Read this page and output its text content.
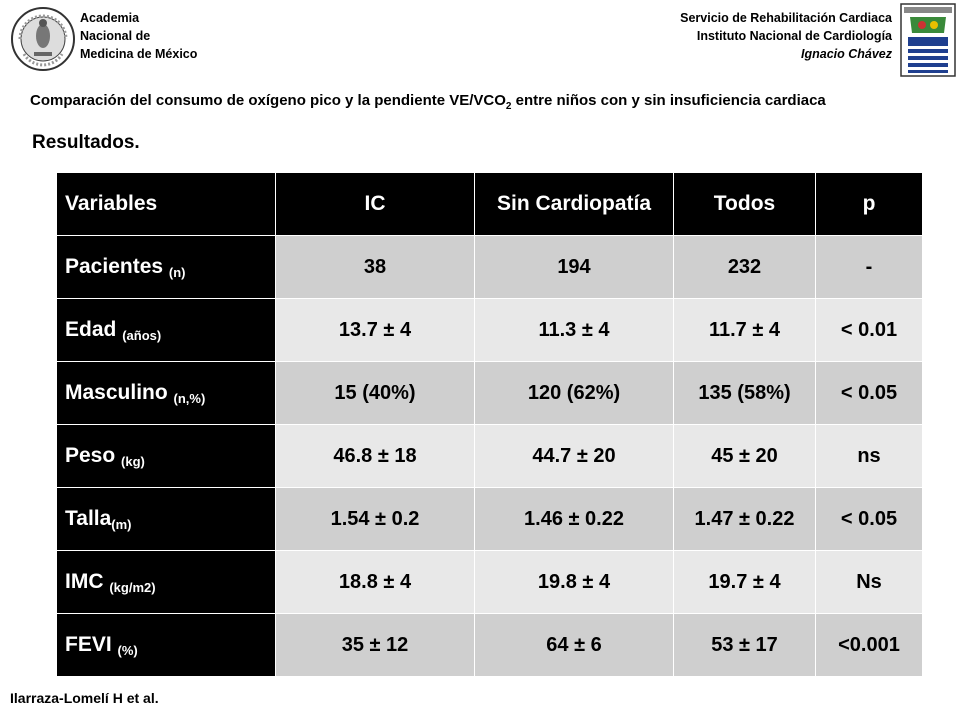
Academia
Nacional de
Medicina de México
Servicio de Rehabilitación Cardiaca
Instituto Nacional de Cardiología
Ignacio Chávez
Comparación del consumo de oxígeno pico y la pendiente $VE/VCO_2$ entre niños con y sin insuficiencia cardiaca
Resultados.
Variables	IC	Sin Cardiopatía	Todos	p
Pacientes (n)	38	194	232	-
Edad (años)	13.7 ± 4	11.3 ± 4	11.7 ± 4	< 0.01
Masculino (n,%)	15 (40%)	120 (62%)	135 (58%)	< 0.05
Peso (kg)	46.8 ± 18	44.7 ± 20	45 ± 20	ns
Talla(m)	1.54 ± 0.2	1.46 ± 0.22	1.47 ± 0.22	< 0.05
IMC (kg/m2)	18.8 ± 4	19.8 ± 4	19.7 ± 4	Ns
FEVI (%)	35 ± 12	64 ± 6	53 ± 17	<0.001
Ilarraza-Lomelí H et al.
